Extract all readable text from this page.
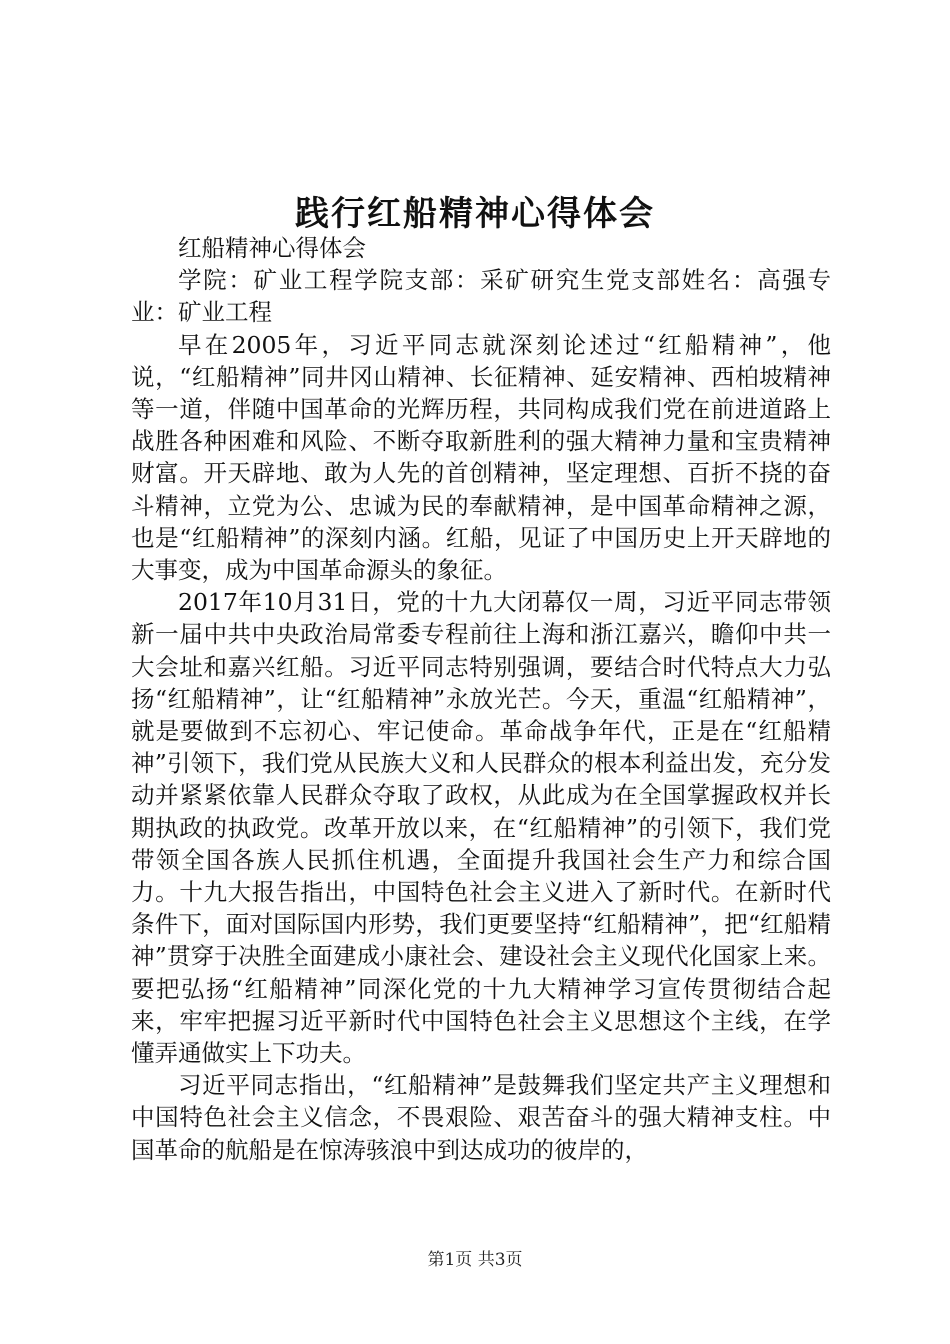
践行红船精神心得体会

红船精神心得体会

学院：矿业工程学院支部：采矿研究生党支部姓名：高强专业：矿业工程

早在2005年，习近平同志就深刻论述过“红船精神”，他说，“红船精神”同井冈山精神、长征精神、延安精神、西柏坡精神等一道，伴随中国革命的光辉历程，共同构成我们党在前进道路上战胜各种困难和风险、不断夺取新胜利的强大精神力量和宝贵精神财富。开天辟地、敢为人先的首创精神，坚定理想、百折不挠的奋斗精神，立党为公、忠诚为民的奉献精神，是中国革命精神之源，也是“红船精神”的深刻内涵。红船，见证了中国历史上开天辟地的大事变，成为中国革命源头的象征。

2017年10月31日，党的十九大闭幕仅一周，习近平同志带领新一届中共中央政治局常委专程前往上海和浙江嘉兴，瞻仰中共一大会址和嘉兴红船。习近平同志特别强调，要结合时代特点大力弘扬“红船精神”，让“红船精神”永放光芒。今天，重温“红船精神”，就是要做到不忘初心、牢记使命。革命战争年代，正是在“红船精神”引领下，我们党从民族大义和人民群众的根本利益出发，充分发动并紧紧依靠人民群众夺取了政权，从此成为在全国掌握政权并长期执政的执政党。改革开放以来，在“红船精神”的引领下，我们党带领全国各族人民抓住机遇，全面提升我国社会生产力和综合国力。十九大报告指出，中国特色社会主义进入了新时代。在新时代条件下，面对国际国内形势，我们更要坚持“红船精神”，把“红船精神”贯穿于决胜全面建成小康社会、建设社会主义现代化国家上来。要把弘扬“红船精神”同深化党的十九大精神学习宣传贯彻结合起来，牢牢把握习近平新时代中国特色社会主义思想这个主线，在学懂弄通做实上下功夫。

习近平同志指出，“红船精神”是鼓舞我们坚定共产主义理想和中国特色社会主义信念，不畏艰险、艰苦奋斗的强大精神支柱。中国革命的航船是在惊涛骇浪中到达成功的彼岸的，

第1页 共3页
